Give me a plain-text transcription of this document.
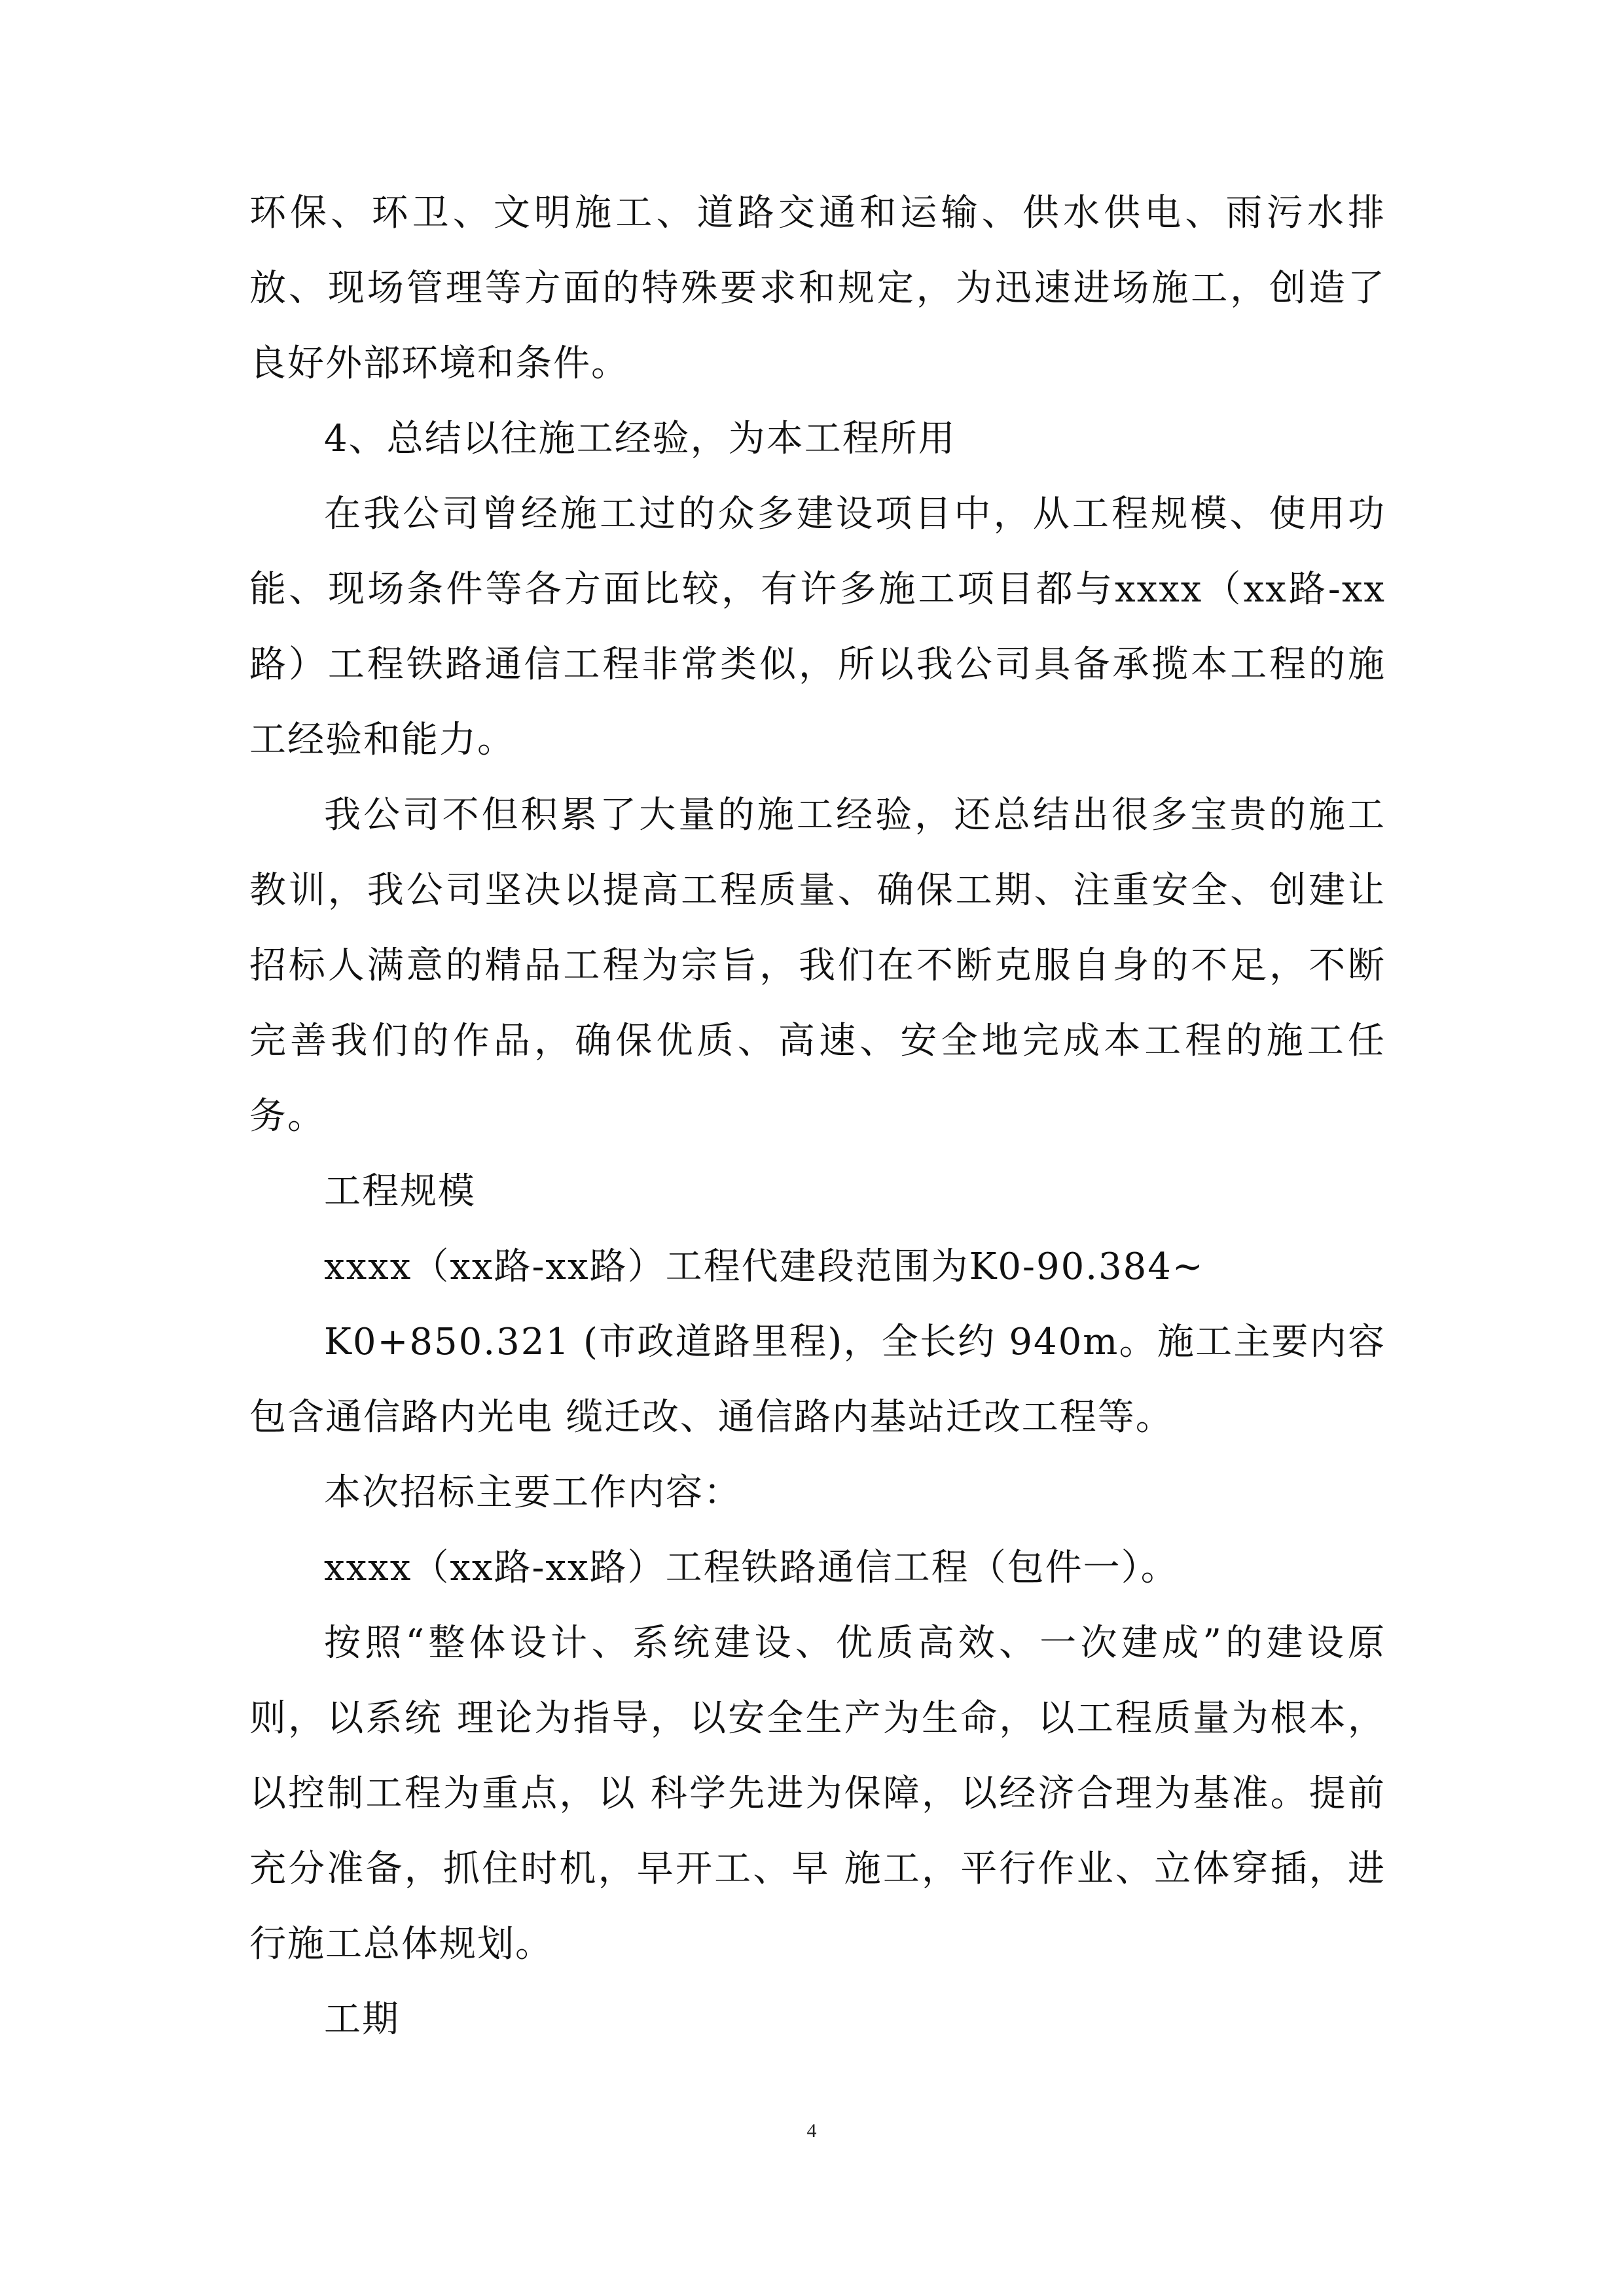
环保、环卫、文明施工、道路交通和运输、供水供电、雨污水排放、现场管理等方面的特殊要求和规定，为迅速进场施工，创造了良好外部环境和条件。

4、总结以往施工经验，为本工程所用

在我公司曾经施工过的众多建设项目中，从工程规模、使用功能、现场条件等各方面比较，有许多施工项目都与xxxx（xx路-xx路）工程铁路通信工程非常类似，所以我公司具备承揽本工程的施工经验和能力。

我公司不但积累了大量的施工经验，还总结出很多宝贵的施工教训，我公司坚决以提高工程质量、确保工期、注重安全、创建让招标人满意的精品工程为宗旨，我们在不断克服自身的不足，不断完善我们的作品，确保优质、高速、安全地完成本工程的施工任务。

工程规模

xxxx（xx路-xx路）工程代建段范围为K0-90.384~

K0+850.321 (市政道路里程)，全长约 940m。施工主要内容包含通信路内光电 缆迁改、通信路内基站迁改工程等。

本次招标主要工作内容：

xxxx（xx路-xx路）工程铁路通信工程（包件一）。

按照“整体设计、系统建设、优质高效、一次建成”的建设原则，以系统 理论为指导，以安全生产为生命，以工程质量为根本，以控制工程为重点，以 科学先进为保障，以经济合理为基准。提前充分准备，抓住时机，早开工、早 施工，平行作业、立体穿插，进行施工总体规划。

工期

4
